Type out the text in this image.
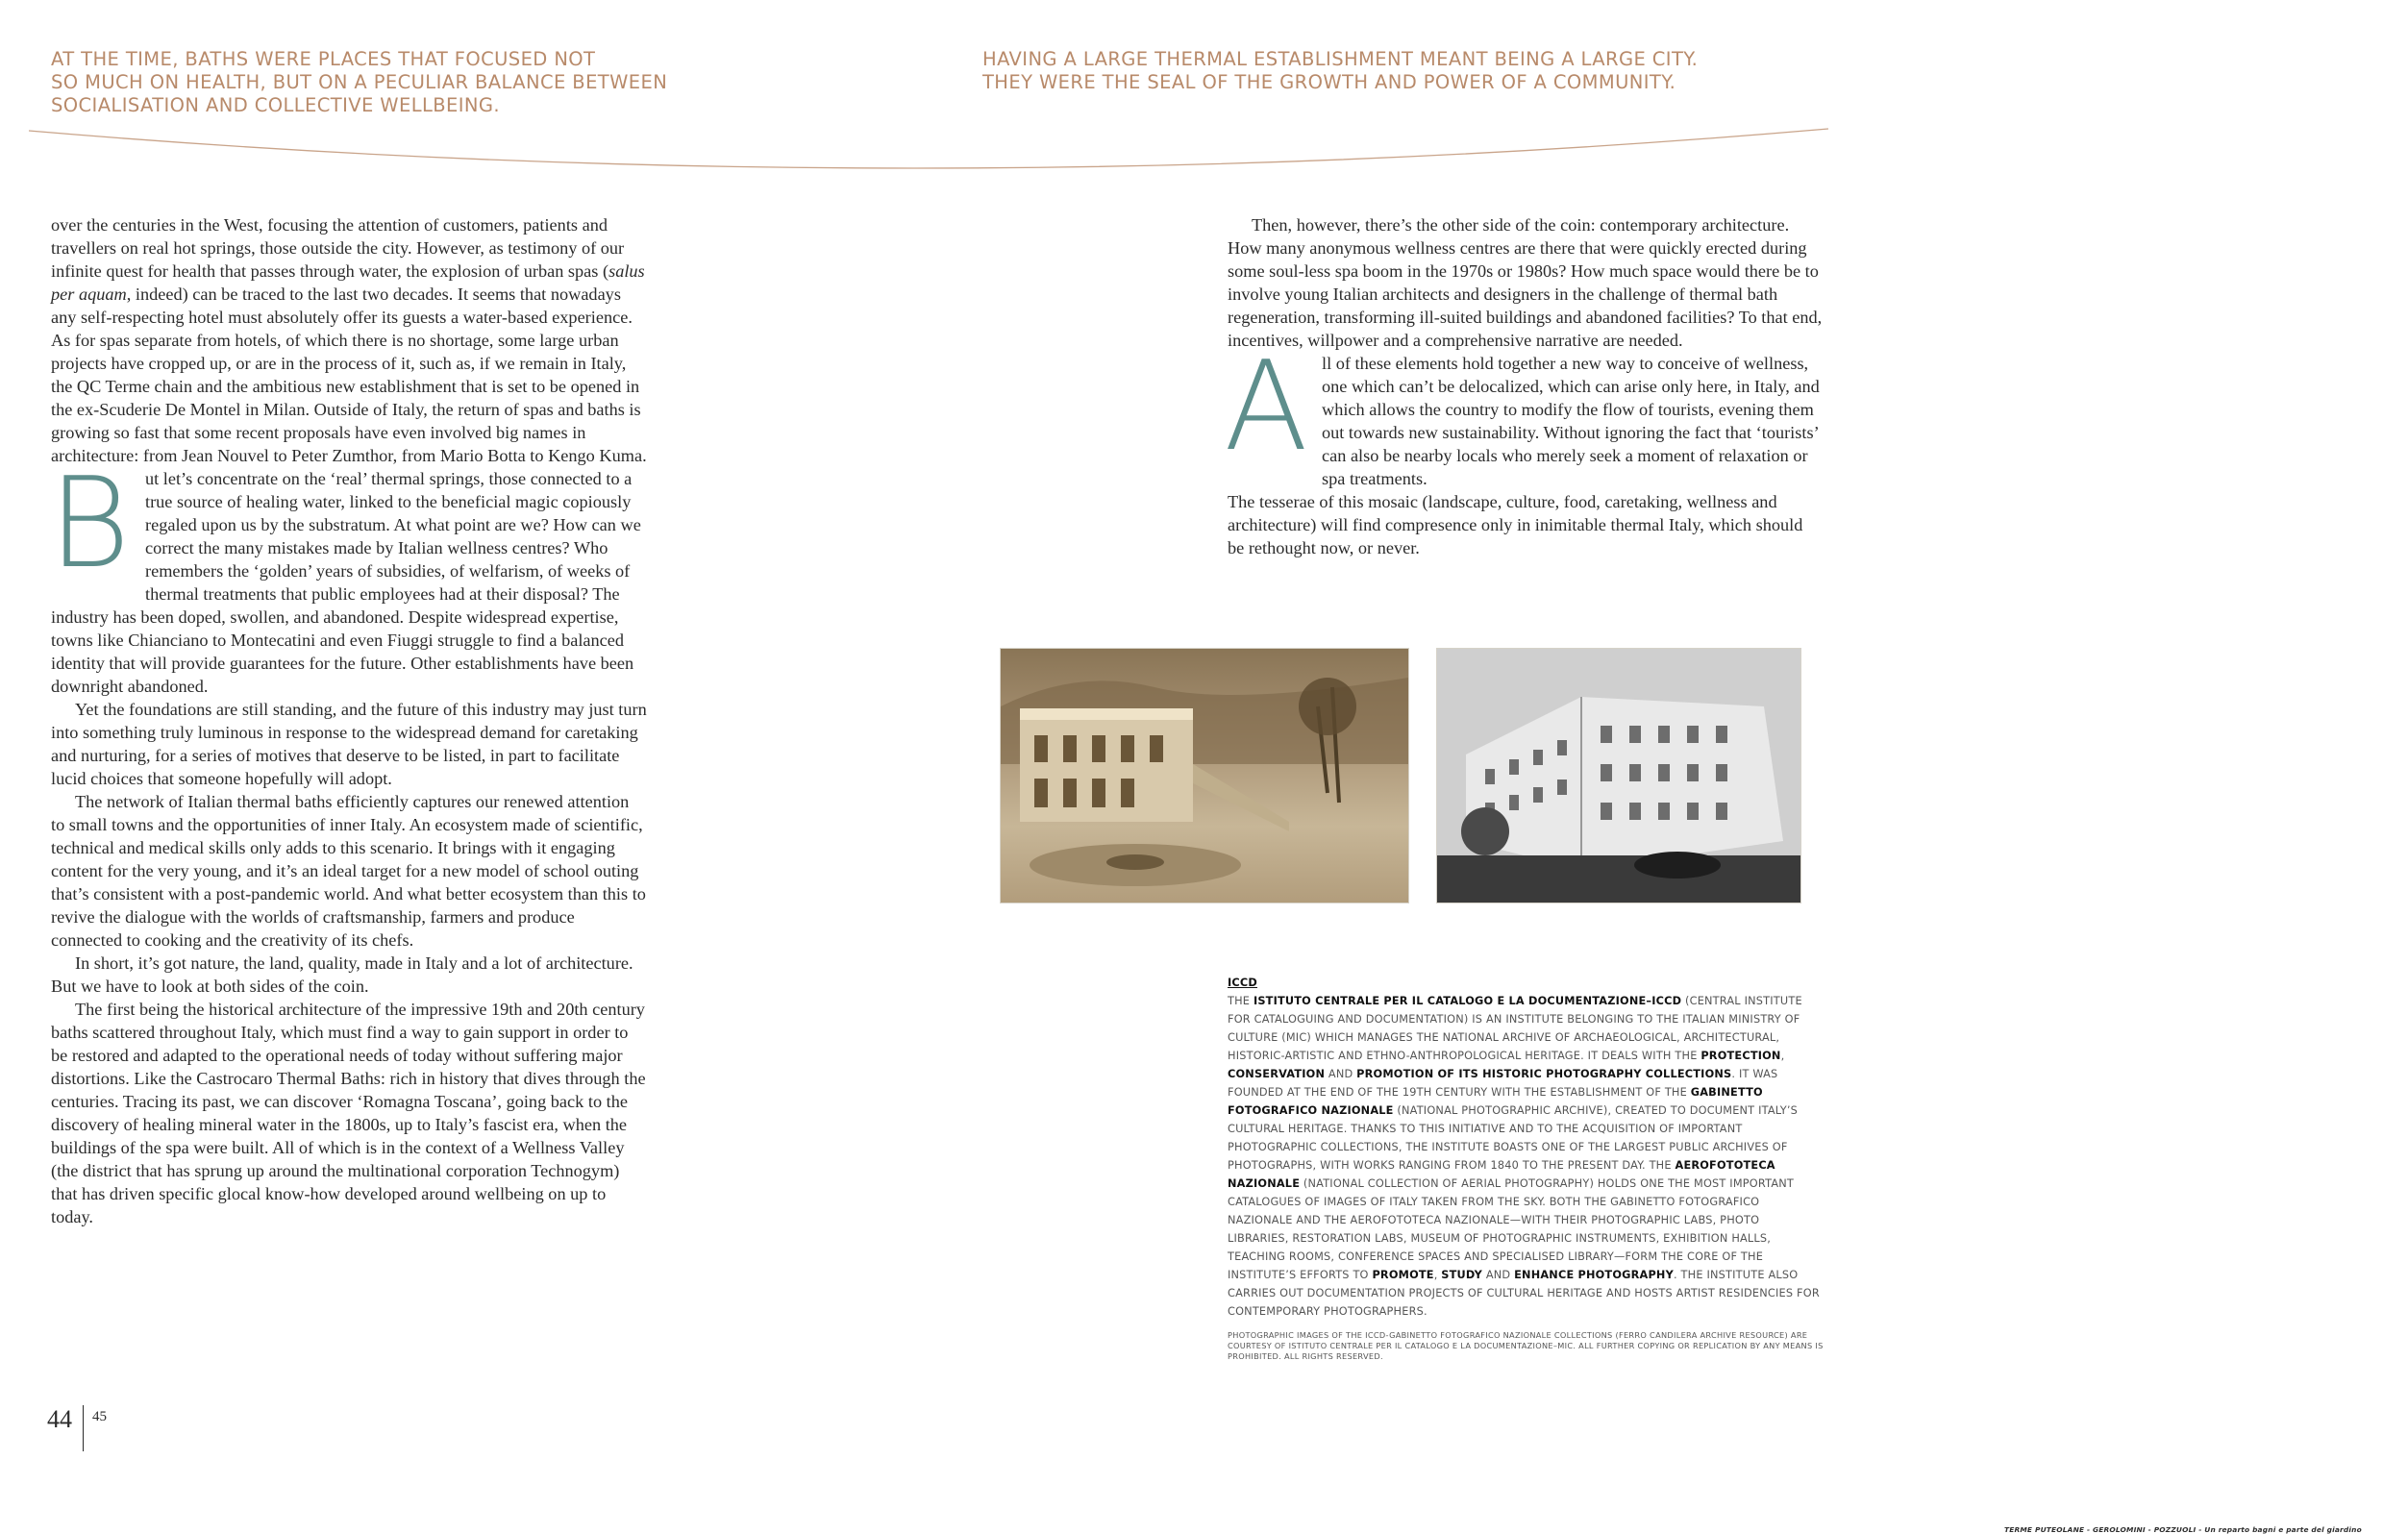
AT THE TIME, BATHS WERE PLACES THAT FOCUSED NOT
SO MUCH ON HEALTH, BUT ON A PECULIAR BALANCE BETWEEN
SOCIALISATION AND COLLECTIVE WELLBEING.
HAVING A LARGE THERMAL ESTABLISHMENT MEANT BEING A LARGE CITY.
THEY WERE THE SEAL OF THE GROWTH AND POWER OF A COMMUNITY.

over the centuries in the West, focusing the attention of customers, patients and travellers on real hot springs, those outside the city. However, as testimony of our infinite quest for health that passes through water, the explosion of urban spas (salus per aquam, indeed) can be traced to the last two decades. It seems that nowadays any self-respecting hotel must absolutely offer its guests a water-based experience. As for spas separate from hotels, of which there is no shortage, some large urban projects have cropped up, or are in the process of it, such as, if we remain in Italy, the QC Terme chain and the ambitious new establishment that is set to be opened in the ex-Scuderie De Montel in Milan. Outside of Italy, the return of spas and baths is growing so fast that some recent proposals have even involved big names in architecture: from Jean Nouvel to Peter Zumthor, from Mario Botta to Kengo Kuma.

But let’s concentrate on the ‘real’ thermal springs, those connected to a true source of healing water, linked to the beneficial magic copiously regaled upon us by the substratum. At what point are we? How can we correct the many mistakes made by Italian wellness centres? Who remembers the ‘golden’ years of subsidies, of welfarism, of weeks of thermal treatments that public employees had at their disposal? The industry has been doped, swollen, and abandoned. Despite widespread expertise, towns like Chianciano to Montecatini and even Fiuggi struggle to find a balanced identity that will provide guarantees for the future. Other establishments have been downright abandoned.

Yet the foundations are still standing, and the future of this industry may just turn into something truly luminous in response to the widespread demand for caretaking and nurturing, for a series of motives that deserve to be listed, in part to facilitate lucid choices that someone hopefully will adopt.

The network of Italian thermal baths efficiently captures our renewed attention to small towns and the opportunities of inner Italy. An ecosystem made of scientific, technical and medical skills only adds to this scenario. It brings with it engaging content for the very young, and it’s an ideal target for a new model of school outing that’s consistent with a post-pandemic world. And what better ecosystem than this to revive the dialogue with the worlds of craftsmanship, farmers and produce connected to cooking and the creativity of its chefs.

In short, it’s got nature, the land, quality, made in Italy and a lot of architecture. But we have to look at both sides of the coin.

The first being the historical architecture of the impressive 19th and 20th century baths scattered throughout Italy, which must find a way to gain support in order to be restored and adapted to the operational needs of today without suffering major distortions. Like the Castrocaro Thermal Baths: rich in history that dives through the centuries. Tracing its past, we can discover ‘Romagna Toscana’, going back to the discovery of healing mineral water in the 1800s, up to Italy’s fascist era, when the buildings of the spa were built. All of which is in the context of a Wellness Valley (the district that has sprung up around the multinational corporation Technogym) that has driven specific glocal know-how developed around wellbeing on up to today.

Then, however, there’s the other side of the coin: contemporary architecture. How many anonymous wellness centres are there that were quickly erected during some soul-less spa boom in the 1970s or 1980s? How much space would there be to involve young Italian architects and designers in the challenge of thermal bath regeneration, transforming ill-suited buildings and abandoned facilities? To that end, incentives, willpower and a comprehensive narrative are needed.

All of these elements hold together a new way to conceive of wellness, one which can’t be delocalized, which can arise only here, in Italy, and which allows the country to modify the flow of tourists, evening them out towards new sustainability. Without ignoring the fact that ‘tourists’ can also be nearby locals who merely seek a moment of relaxation or spa treatments.

The tesserae of this mosaic (landscape, culture, food, caretaking, wellness and architecture) will find compresence only in inimitable thermal Italy, which should be rethought now, or never.

TERME PUTEOLANE - GEROLOMINI - POZZUOLI - Un reparto bagni e parte del giardino

ICCD

THE ISTITUTO CENTRALE PER IL CATALOGO E LA DOCUMENTAZIONE–ICCD (CENTRAL INSTITUTE FOR CATALOGUING AND DOCUMENTATION) IS AN INSTITUTE BELONGING TO THE ITALIAN MINISTRY OF CULTURE (MIC) WHICH MANAGES THE NATIONAL ARCHIVE OF ARCHAEOLOGICAL, ARCHITECTURAL, HISTORIC-ARTISTIC AND ETHNO-ANTHROPOLOGICAL HERITAGE. IT DEALS WITH THE PROTECTION, CONSERVATION AND PROMOTION OF ITS HISTORIC PHOTOGRAPHY COLLECTIONS. IT WAS FOUNDED AT THE END OF THE 19TH CENTURY WITH THE ESTABLISHMENT OF THE GABINETTO FOTOGRAFICO NAZIONALE (NATIONAL PHOTOGRAPHIC ARCHIVE), CREATED TO DOCUMENT ITALY’S CULTURAL HERITAGE. THANKS TO THIS INITIATIVE AND TO THE ACQUISITION OF IMPORTANT PHOTOGRAPHIC COLLECTIONS, THE INSTITUTE BOASTS ONE OF THE LARGEST PUBLIC ARCHIVES OF PHOTOGRAPHS, WITH WORKS RANGING FROM 1840 TO THE PRESENT DAY. THE AEROFOTOTECA NAZIONALE (NATIONAL COLLECTION OF AERIAL PHOTOGRAPHY) HOLDS ONE THE MOST IMPORTANT CATALOGUES OF IMAGES OF ITALY TAKEN FROM THE SKY. BOTH THE GABINETTO FOTOGRAFICO NAZIONALE AND THE AEROFOTOTECA NAZIONALE—WITH THEIR PHOTOGRAPHIC LABS, PHOTO LIBRARIES, RESTORATION LABS, MUSEUM OF PHOTOGRAPHIC INSTRUMENTS, EXHIBITION HALLS, TEACHING ROOMS, CONFERENCE SPACES AND SPECIALISED LIBRARY—FORM THE CORE OF THE INSTITUTE’S EFFORTS TO PROMOTE, STUDY AND ENHANCE PHOTOGRAPHY. THE INSTITUTE ALSO CARRIES OUT DOCUMENTATION PROJECTS OF CULTURAL HERITAGE AND HOSTS ARTIST RESIDENCIES FOR CONTEMPORARY PHOTOGRAPHERS.

PHOTOGRAPHIC IMAGES OF THE ICCD-GABINETTO FOTOGRAFICO NAZIONALE COLLECTIONS (FERRO CANDILERA ARCHIVE RESOURCE) ARE COURTESY OF ISTITUTO CENTRALE PER IL CATALOGO E LA DOCUMENTAZIONE–MIC. ALL FURTHER COPYING OR REPLICATION BY ANY MEANS IS PROHIBITED. ALL RIGHTS RESERVED.
44 45
